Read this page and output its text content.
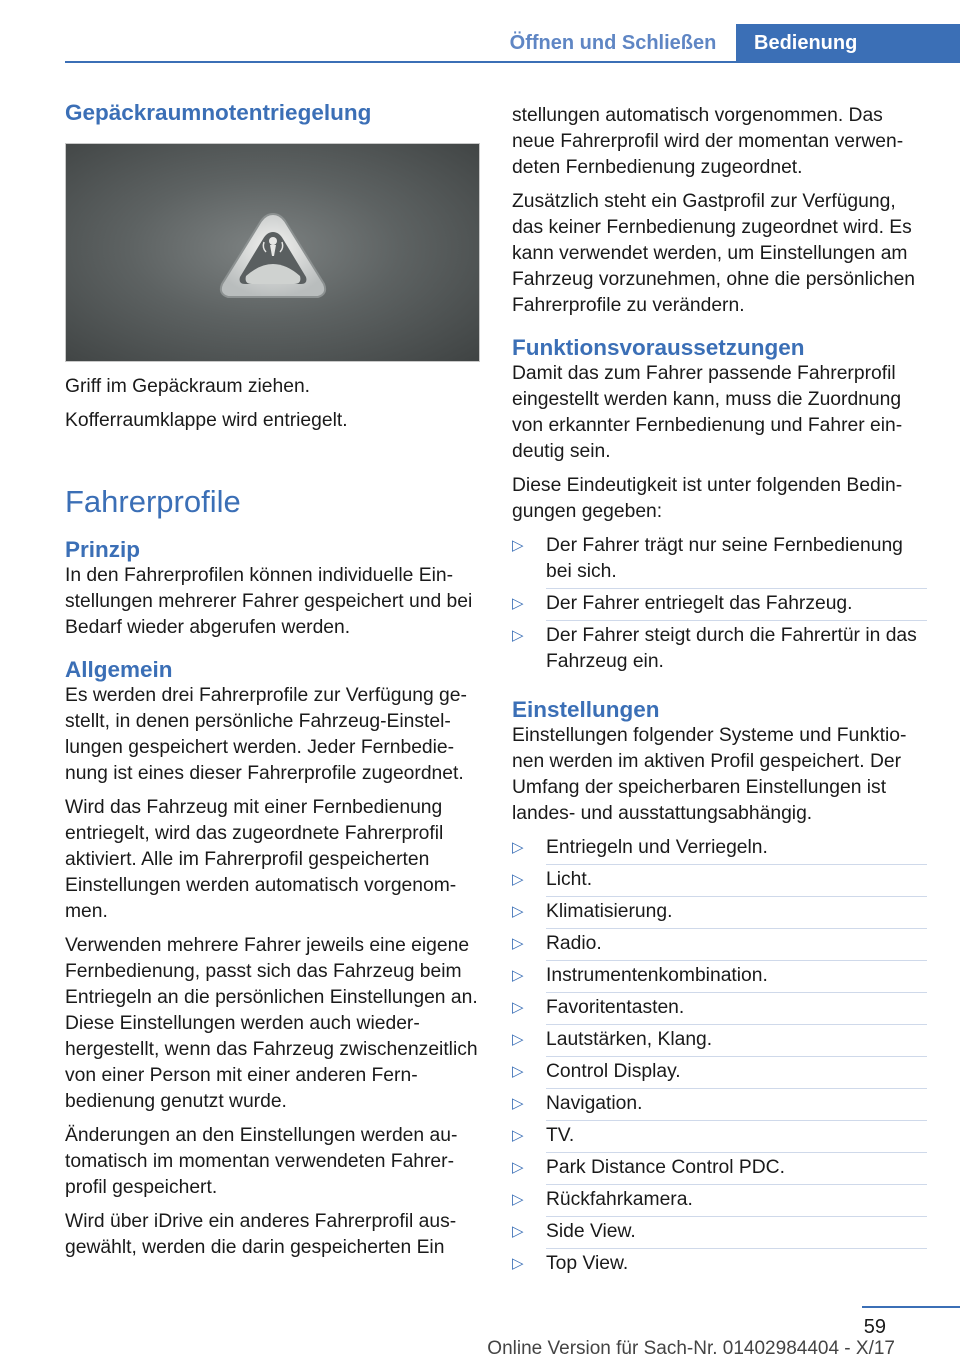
Öffnen und Schließen	Bedienung
Gepäckraumnotentriegelung

Griff im Gepäckraum ziehen.

Kofferraumklappe wird entriegelt.

Fahrerprofile
Prinzip

In den Fahrerprofilen können individuelle Einstellungen mehrerer Fahrer gespeichert und bei Bedarf wieder abgerufen werden.

Allgemein

Es werden drei Fahrerprofile zur Verfügung gestellt, in denen persönliche Fahrzeug-Einstellungen gespeichert werden. Jeder Fernbedienung ist eines dieser Fahrerprofile zugeordnet.

Wird das Fahrzeug mit einer Fernbedienung entriegelt, wird das zugeordnete Fahrerprofil aktiviert. Alle im Fahrerprofil gespeicherten Einstellungen werden automatisch vorgenommen.

Verwenden mehrere Fahrer jeweils eine eigene Fernbedienung, passt sich das Fahrzeug beim Entriegeln an die persönlichen Einstellungen an. Diese Einstellungen werden auch wiederhergestellt, wenn das Fahrzeug zwischenzeitlich von einer Person mit einer anderen Fernbedienung genutzt wurde.

Änderungen an den Einstellungen werden automatisch im momentan verwendeten Fahrerprofil gespeichert.

Wird über iDrive ein anderes Fahrerprofil ausgewählt, werden die darin gespeicherten Ein

stellungen automatisch vorgenommen. Das neue Fahrerprofil wird der momentan verwendeten Fernbedienung zugeordnet.

Zusätzlich steht ein Gastprofil zur Verfügung, das keiner Fernbedienung zugeordnet wird. Es kann verwendet werden, um Einstellungen am Fahrzeug vorzunehmen, ohne die persönlichen Fahrerprofile zu verändern.

Funktionsvoraussetzungen

Damit das zum Fahrer passende Fahrerprofil eingestellt werden kann, muss die Zuordnung von erkannter Fernbedienung und Fahrer eindeutig sein.

Diese Eindeutigkeit ist unter folgenden Bedingungen gegeben:

▷ Der Fahrer trägt nur seine Fernbedienung bei sich.
▷ Der Fahrer entriegelt das Fahrzeug.
▷ Der Fahrer steigt durch die Fahrertür in das Fahrzeug ein.
Einstellungen

Einstellungen folgender Systeme und Funktionen werden im aktiven Profil gespeichert. Der Umfang der speicherbaren Einstellungen ist landes- und ausstattungsabhängig.

▷ Entriegeln und Verriegeln.
▷ Licht.
▷ Klimatisierung.
▷ Radio.
▷ Instrumentenkombination.
▷ Favoritentasten.
▷ Lautstärken, Klang.
▷ Control Display.
▷ Navigation.
▷ TV.
▷ Park Distance Control PDC.
▷ Rückfahrkamera.
▷ Side View.
▷ Top View.
59
Online Version für Sach-Nr. 01402984404 - X/17
